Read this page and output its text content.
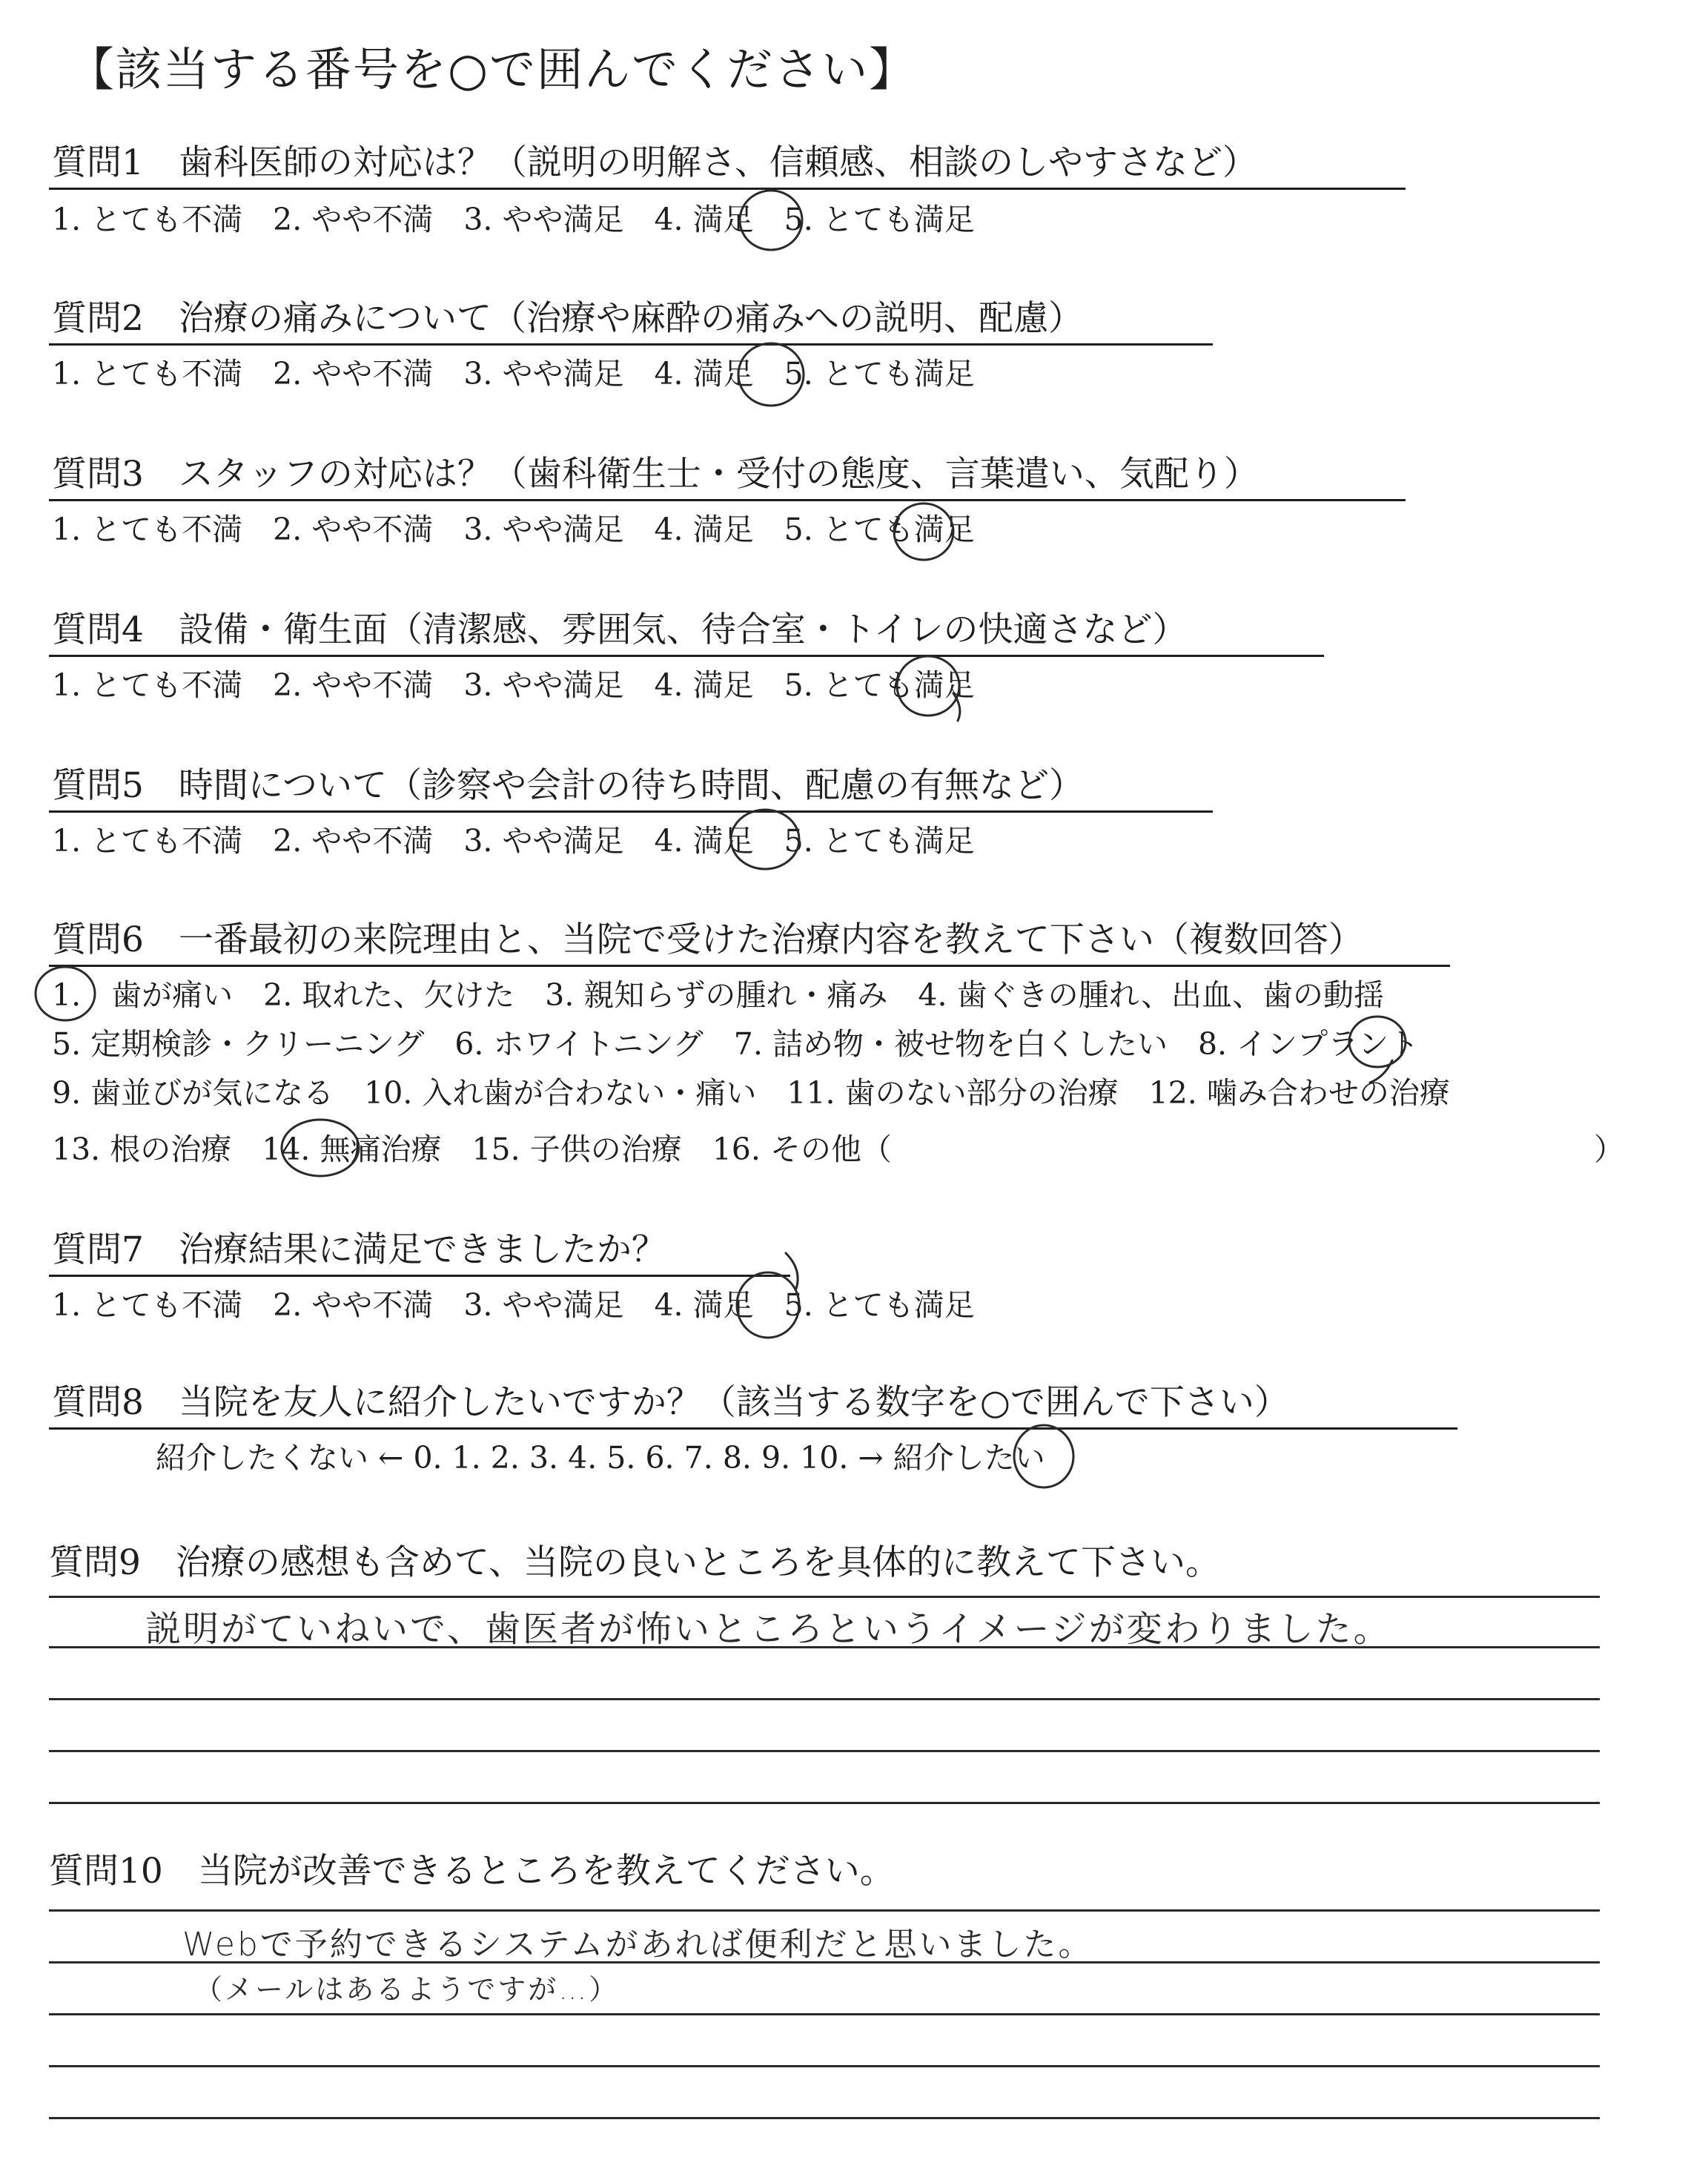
【該当する番号を○で囲んでください】
質問1　歯科医師の対応は？（説明の明解さ、信頼感、相談のしやすさなど）
1. とても不満　 2. やや不満　 3. やや満足　 4. 満足　 5. とても満足
質問2　治療の痛みについて（治療や麻酔の痛みへの説明、配慮）
1. とても不満　 2. やや不満　 3. やや満足　 4. 満足　 5. とても満足
質問3　スタッフの対応は？（歯科衛生士・受付の態度、言葉遣い、気配り）
1. とても不満　 2. やや不満　 3. やや満足　 4. 満足　 5. とても満足
質問4　設備・衛生面（清潔感、雰囲気、待合室・トイレの快適さなど）
1. とても不満　 2. やや不満　 3. やや満足　 4. 満足　 5. とても満足
質問5　時間について（診察や会計の待ち時間、配慮の有無など）
1. とても不満　 2. やや不満　 3. やや満足　 4. 満足　 5. とても満足
質問6　一番最初の来院理由と、当院で受けた治療内容を教えて下さい（複数回答）
1.　歯が痛い　2. 取れた、欠けた　3. 親知らずの腫れ・痛み　4. 歯ぐきの腫れ、出血、歯の動揺
5. 定期検診・クリーニング　6. ホワイトニング　7. 詰め物・被せ物を白くしたい　8. インプラント
9. 歯並びが気になる　10. 入れ歯が合わない・痛い　11. 歯のない部分の治療　12. 噛み合わせの治療
13. 根の治療　14. 無痛治療　15. 子供の治療　16. その他（	）
質問7　治療結果に満足できましたか？
1. とても不満　 2. やや不満　 3. やや満足　 4. 満足　 5. とても満足
質問8　当院を友人に紹介したいですか？（該当する数字を○で囲んで下さい）
紹介したくない ← 0. 1. 2. 3. 4. 5. 6. 7. 8. 9. 10. → 紹介したい
質問9　治療の感想も含めて、当院の良いところを具体的に教えて下さい。
説明がていねいで、歯医者が怖いところというイメージが変わりました。
質問10　当院が改善できるところを教えてください。
Webで予約できるシステムがあれば便利だと思いました。
（メールはあるようですが…）
